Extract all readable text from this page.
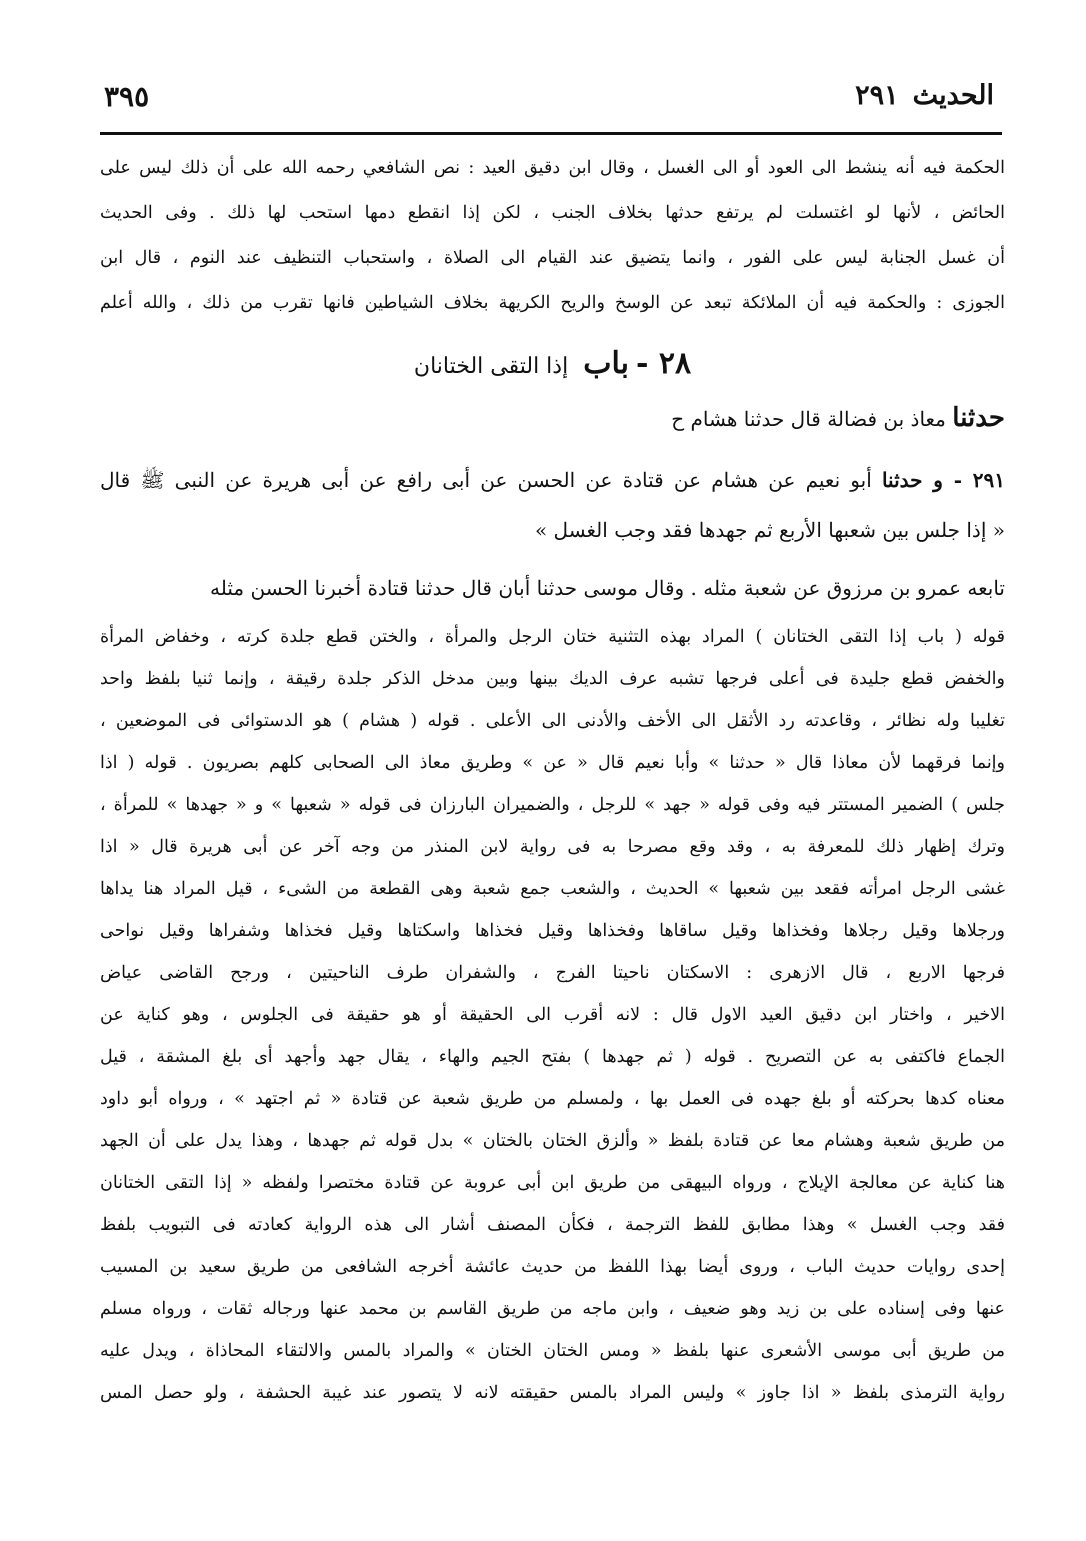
الحديث٢٩١
٣٩٥
الحكمة فيه أنه ينشط الى العود أو الى الغسل ، وقال ابن دقيق العيد : نص الشافعي رحمه الله على أن ذلك ليس على
الحائض ، لأنها لو اغتسلت لم يرتفع حدثها بخلاف الجنب ، لكن إذا انقطع دمها استحب لها ذلك . وفى الحديث
أن غسل الجنابة ليس على الفور ، وانما يتضيق عند القيام الى الصلاة ، واستحباب التنظيف عند النوم ، قال ابن
الجوزى : والحكمة فيه أن الملائكة تبعد عن الوسخ والريح الكريهة بخلاف الشياطين فانها تقرب من ذلك ، والله أعلم
٢٨ - باب إذا التقى الختانان
حدثنا معاذ بن فضالة قال حدثنا هشام ح
٢٩١ - و حدثنا أبو نعيم عن هشام عن قتادة عن الحسن عن أبى رافع عن أبى هريرة عن النبى ﷺ قال
« إذا جلس بين شعبها الأربع ثم جهدها فقد وجب الغسل »
تابعه عمرو بن مرزوق عن شعبة مثله . وقال موسى حدثنا أبان قال حدثنا قتادة أخبرنا الحسن مثله
قوله ( باب إذا التقى الختانان ) المراد بهذه التثنية ختان الرجل والمرأة ، والختن قطع جلدة كرته ، وخفاض المرأة
والخفض قطع جليدة فى أعلى فرجها تشبه عرف الديك بينها وبين مدخل الذكر جلدة رقيقة ، وإنما ثنيا بلفظ واحد
تغليبا وله نظائر ، وقاعدته رد الأثقل الى الأخف والأدنى الى الأعلى . قوله ( هشام ) هو الدستوائى فى الموضعين ،
وإنما فرقهما لأن معاذا قال « حدثنا » وأبا نعيم قال « عن » وطريق معاذ الى الصحابى كلهم بصريون . قوله ( اذا
جلس ) الضمير المستتر فيه وفى قوله « جهد » للرجل ، والضميران البارزان فى قوله « شعبها » و « جهدها » للمرأة ،
وترك إظهار ذلك للمعرفة به ، وقد وقع مصرحا به فى رواية لابن المنذر من وجه آخر عن أبى هريرة قال « اذا
غشى الرجل امرأته فقعد بين شعبها » الحديث ، والشعب جمع شعبة وهى القطعة من الشىء ، قيل المراد هنا يداها
ورجلاها وقيل رجلاها وفخذاها وقيل ساقاها وفخذاها وقيل فخذاها واسكتاها وقيل فخذاها وشفراها وقيل نواحى
فرجها الاربع ، قال الازهرى : الاسكتان ناحيتا الفرج ، والشفران طرف الناحيتين ، ورجح القاضى عياض
الاخير ، واختار ابن دقيق العيد الاول قال : لانه أقرب الى الحقيقة أو هو حقيقة فى الجلوس ، وهو كناية عن
الجماع فاكتفى به عن التصريح . قوله ( ثم جهدها ) بفتح الجيم والهاء ، يقال جهد وأجهد أى بلغ المشقة ، قيل
معناه كدها بحركته أو بلغ جهده فى العمل بها ، ولمسلم من طريق شعبة عن قتادة « ثم اجتهد » ، ورواه أبو داود
من طريق شعبة وهشام معا عن قتادة بلفظ « وألزق الختان بالختان » بدل قوله ثم جهدها ، وهذا يدل على أن الجهد
هنا كناية عن معالجة الإيلاج ، ورواه البيهقى من طريق ابن أبى عروبة عن قتادة مختصرا ولفظه « إذا التقى الختانان
فقد وجب الغسل » وهذا مطابق للفظ الترجمة ، فكأن المصنف أشار الى هذه الرواية كعادته فى التبويب بلفظ
إحدى روايات حديث الباب ، وروى أيضا بهذا اللفظ من حديث عائشة أخرجه الشافعى من طريق سعيد بن المسيب
عنها وفى إسناده على بن زيد وهو ضعيف ، وابن ماجه من طريق القاسم بن محمد عنها ورجاله ثقات ، ورواه مسلم
من طريق أبى موسى الأشعرى عنها بلفظ « ومس الختان الختان » والمراد بالمس والالتقاء المحاذاة ، ويدل عليه
رواية الترمذى بلفظ « اذا جاوز » وليس المراد بالمس حقيقته لانه لا يتصور عند غيبة الحشفة ، ولو حصل المس
